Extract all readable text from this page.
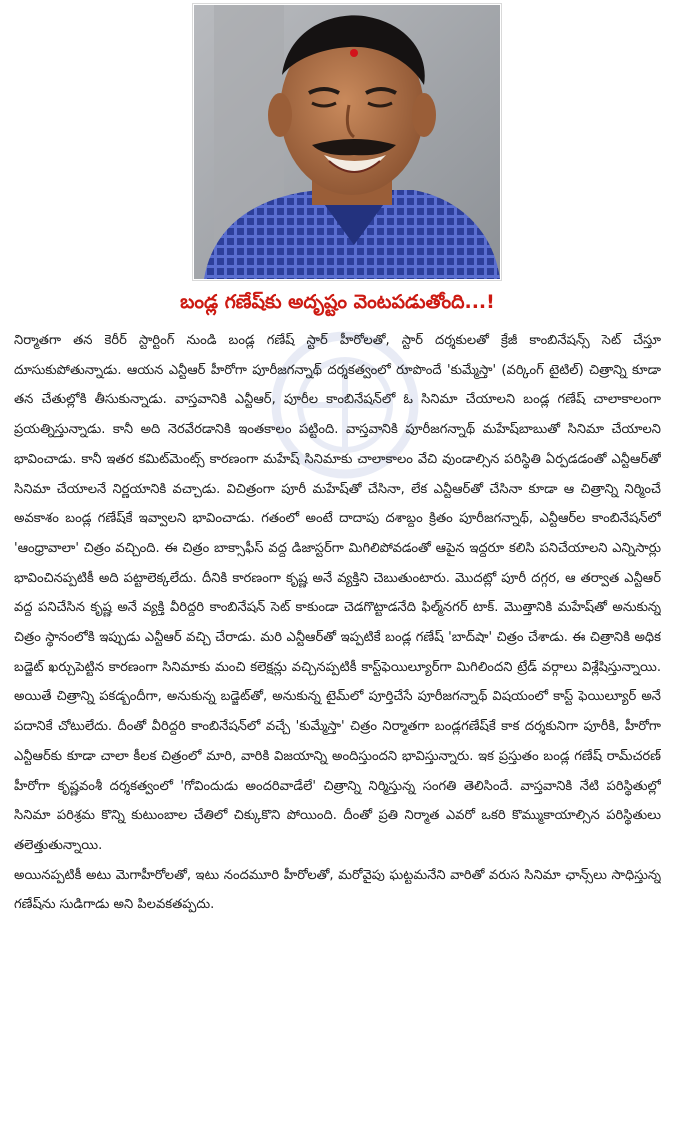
బండ్ల గణేష్‌కు అదృష్టం వెంటపడుతోంది...!

నిర్మాతగా తన కెరీర్ స్టార్టింగ్ నుండి బండ్ల గణేష్ స్టార్ హీరోలతో, స్టార్ దర్శకులతో క్రేజీ కాంబినేషన్స్ సెట్ చేస్తూ దూసుకుపోతున్నాడు. ఆయన ఎన్టీఆర్ హీరోగా పూరీజగన్నాథ్ దర్శకత్వంలో రూపొందే 'కుమ్మేస్తా' (వర్కింగ్ టైటిల్) చిత్రాన్ని కూడా తన చేతుల్లోకి తీసుకున్నాడు. వాస్తవానికి ఎన్టీఆర్, పూరీల కాంబినేషన్‌లో ఓ సినిమా చేయాలని బండ్ల గణేష్ చాలాకాలంగా ప్రయత్నిస్తున్నాడు. కానీ అది నెరవేరడానికి ఇంతకాలం పట్టింది. వాస్తవానికి పూరీజగన్నాథ్ మహేష్‌బాబుతో సినిమా చేయాలని భావించాడు. కానీ ఇతర కమిట్‌మెంట్స్ కారణంగా మహేష్ సినిమాకు చాలాకాలం వేచి వుండాల్సిన పరిస్థితి ఏర్పడడంతో ఎన్టీఆర్‌తో సినిమా చేయాలనే నిర్ణయానికి వచ్చాడు. విచిత్రంగా పూరీ మహేష్‌తో చేసినా, లేక ఎన్టీఆర్‌తో చేసినా కూడా ఆ చిత్రాన్ని నిర్మించే అవకాశం బండ్ల గణేష్‌కే ఇవ్వాలని భావించాడు. గతంలో అంటే దాదాపు దశాబ్దం క్రితం పూరీజగన్నాథ్, ఎన్టీఆర్‌ల కాంబినేషన్‌లో 'ఆంధ్రావాలా' చిత్రం వచ్చింది. ఈ చిత్రం బాక్సాఫీస్ వద్ద డిజాస్టర్‌గా మిగిలిపోవడంతో ఆపైన ఇద్దరూ కలిసి పనిచేయాలని ఎన్నిసార్లు భావించినప్పటికీ అది పట్టాలెక్కలేదు. దీనికి కారణంగా కృష్ణ అనే వ్యక్తిని చెబుతుంటారు. మొదట్లో పూరీ దగ్గర, ఆ తర్వాత ఎన్టీఆర్ వద్ద పనిచేసిన కృష్ణ అనే వ్యక్తి వీరిద్దరి కాంబినేషన్ సెట్ కాకుండా చెడగొట్టాడనేది ఫిల్మ్‌నగర్ టాక్. మొత్తానికి మహేష్‌తో అనుకున్న చిత్రం స్థానంలోకి ఇప్పుడు ఎన్టీఆర్ వచ్చి చేరాడు. మరి ఎన్టీఆర్‌తో ఇప్పటికే బండ్ల గణేష్ 'బాద్‌షా' చిత్రం చేశాడు. ఈ చిత్రానికి అధిక బడ్జెట్ ఖర్చుపెట్టిన కారణంగా సినిమాకు మంచి కలెక్షన్లు వచ్చినప్పటికీ కాస్ట్‌ఫెయిల్యూర్‌గా మిగిలిందని ట్రేడ్ వర్గాలు విశ్లేషిస్తున్నాయి. అయితే చిత్రాన్ని పకడ్బందీగా, అనుకున్న బడ్జెట్‌తో, అనుకున్న టైమ్‌లో పూర్తిచేసే పూరీజగన్నాథ్ విషయంలో కాస్ట్ ఫెయిల్యూర్ అనే పదానికే చోటులేదు. దీంతో వీరిద్దరి కాంబినేషన్‌లో వచ్చే 'కుమ్మేస్తా' చిత్రం నిర్మాతగా బండ్లగణేష్‌కే కాక దర్శకునిగా పూరీకి, హీరోగా ఎన్టీఆర్‌కు కూడా చాలా కీలక చిత్రంలో మారి, వారికి విజయాన్ని అందిస్తుందని భావిస్తున్నారు. ఇక ప్రస్తుతం బండ్ల గణేష్ రామ్‌చరణ్ హీరోగా కృష్ణవంశీ దర్శకత్వంలో 'గోవిందుడు అందరివాడేలే' చిత్రాన్ని నిర్మిస్తున్న సంగతి తెలిసిందే. వాస్తవానికి నేటి పరిస్థితుల్లో సినిమా పరిశ్రమ కొన్ని కుటుంబాల చేతిలో చిక్కుకొని పోయింది. దీంతో ప్రతి నిర్మాత ఎవరో ఒకరి కొమ్ముకాయాల్సిన పరిస్థితులు తలెత్తుతున్నాయి.

అయినప్పటికీ అటు మెగాహీరోలతో, ఇటు నందమూరి హీరోలతో, మరోవైపు ఘట్టమనేని వారితో వరుస సినిమా ఛాన్స్‌లు సాధిస్తున్న గణేష్‌ను సుడిగాడు అని పిలవకతప్పదు.
